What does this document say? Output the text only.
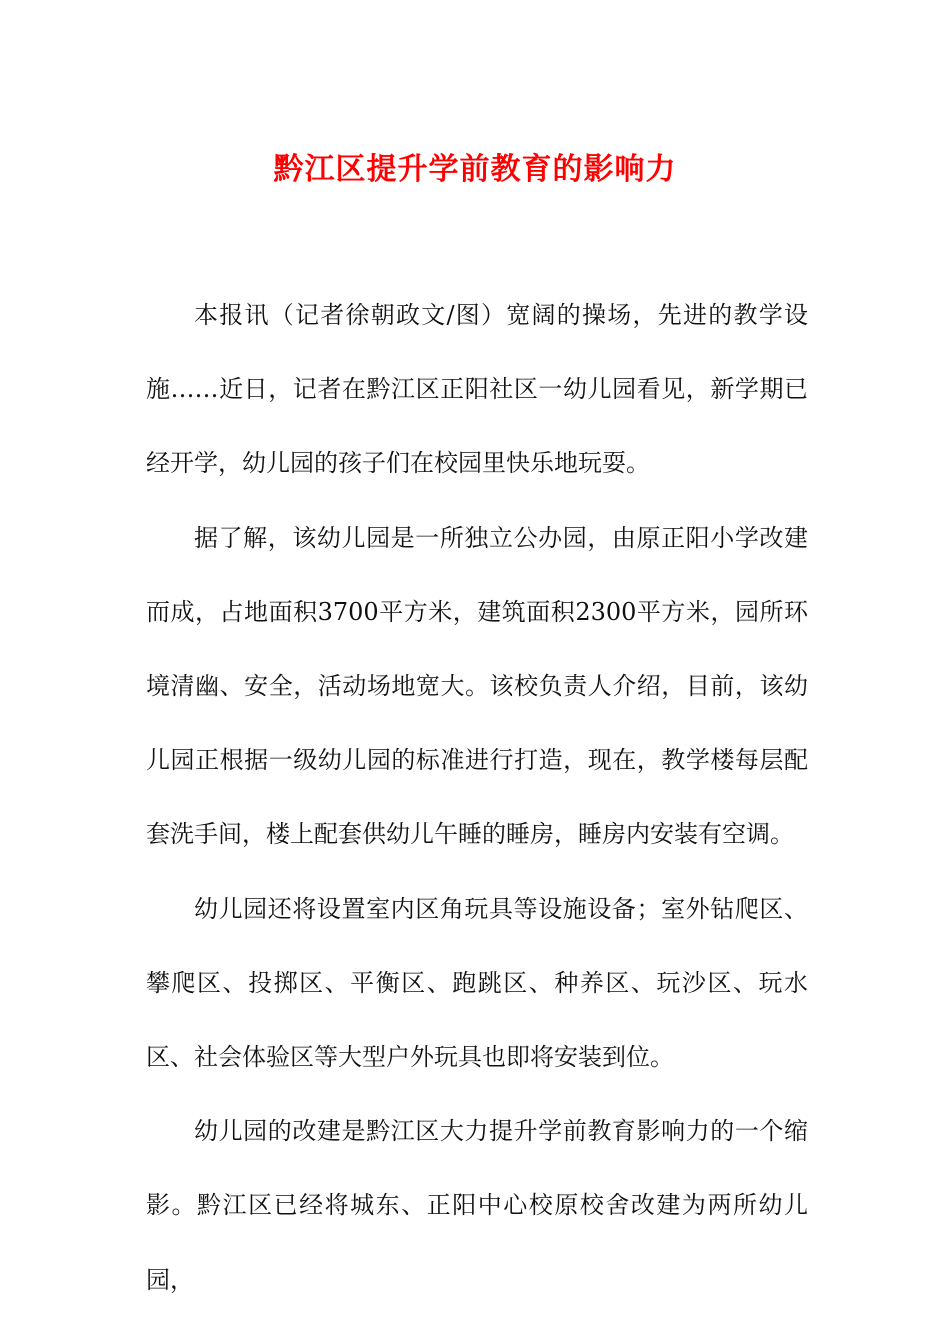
黔江区提升学前教育的影响力

本报讯（记者徐朝政文/图）宽阔的操场，先进的教学设施……近日，记者在黔江区正阳社区一幼儿园看见，新学期已经开学，幼儿园的孩子们在校园里快乐地玩耍。

据了解，该幼儿园是一所独立公办园，由原正阳小学改建而成，占地面积3700平方米，建筑面积2300平方米，园所环境清幽、安全，活动场地宽大。该校负责人介绍，目前，该幼儿园正根据一级幼儿园的标准进行打造，现在，教学楼每层配套洗手间，楼上配套供幼儿午睡的睡房，睡房内安装有空调。

幼儿园还将设置室内区角玩具等设施设备；室外钻爬区、攀爬区、投掷区、平衡区、跑跳区、种养区、玩沙区、玩水区、社会体验区等大型户外玩具也即将安装到位。

幼儿园的改建是黔江区大力提升学前教育影响力的一个缩影。黔江区已经将城东、正阳中心校原校舍改建为两所幼儿园，
